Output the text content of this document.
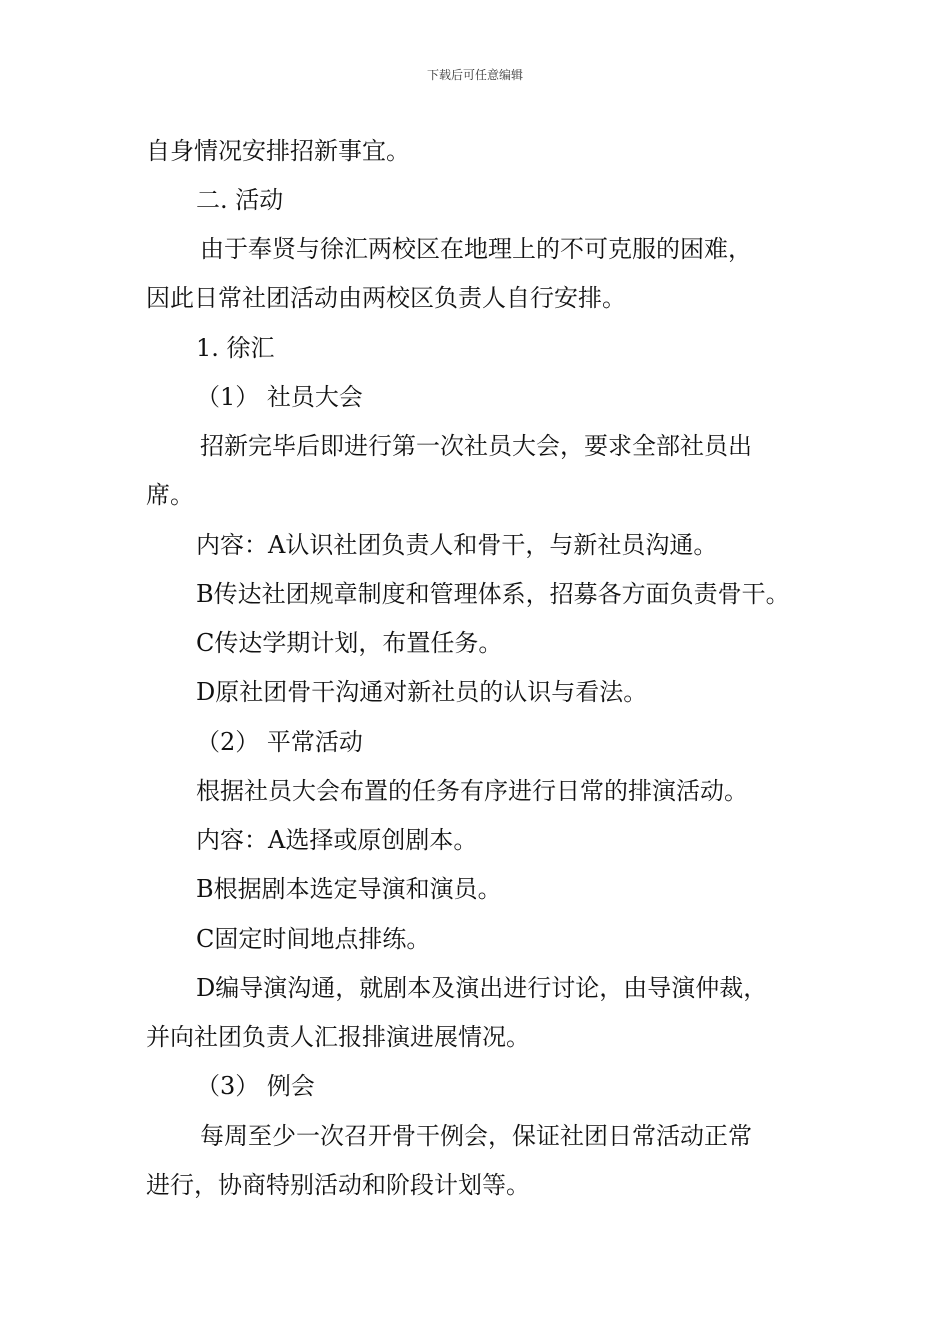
下载后可任意编辑
自身情况安排招新事宜。
二. 活动
由于奉贤与徐汇两校区在地理上的不可克服的困难，
因此日常社团活动由两校区负责人自行安排。
1. 徐汇
（1） 社员大会
招新完毕后即进行第一次社员大会，要求全部社员出
席。
内容：A认识社团负责人和骨干，与新社员沟通。
B传达社团规章制度和管理体系，招募各方面负责骨干。
C传达学期计划，布置任务。
D原社团骨干沟通对新社员的认识与看法。
（2） 平常活动
根据社员大会布置的任务有序进行日常的排演活动。
内容：A选择或原创剧本。
B根据剧本选定导演和演员。
C固定时间地点排练。
D编导演沟通，就剧本及演出进行讨论，由导演仲裁，
并向社团负责人汇报排演进展情况。
（3） 例会
每周至少一次召开骨干例会，保证社团日常活动正常
进行，协商特别活动和阶段计划等。
